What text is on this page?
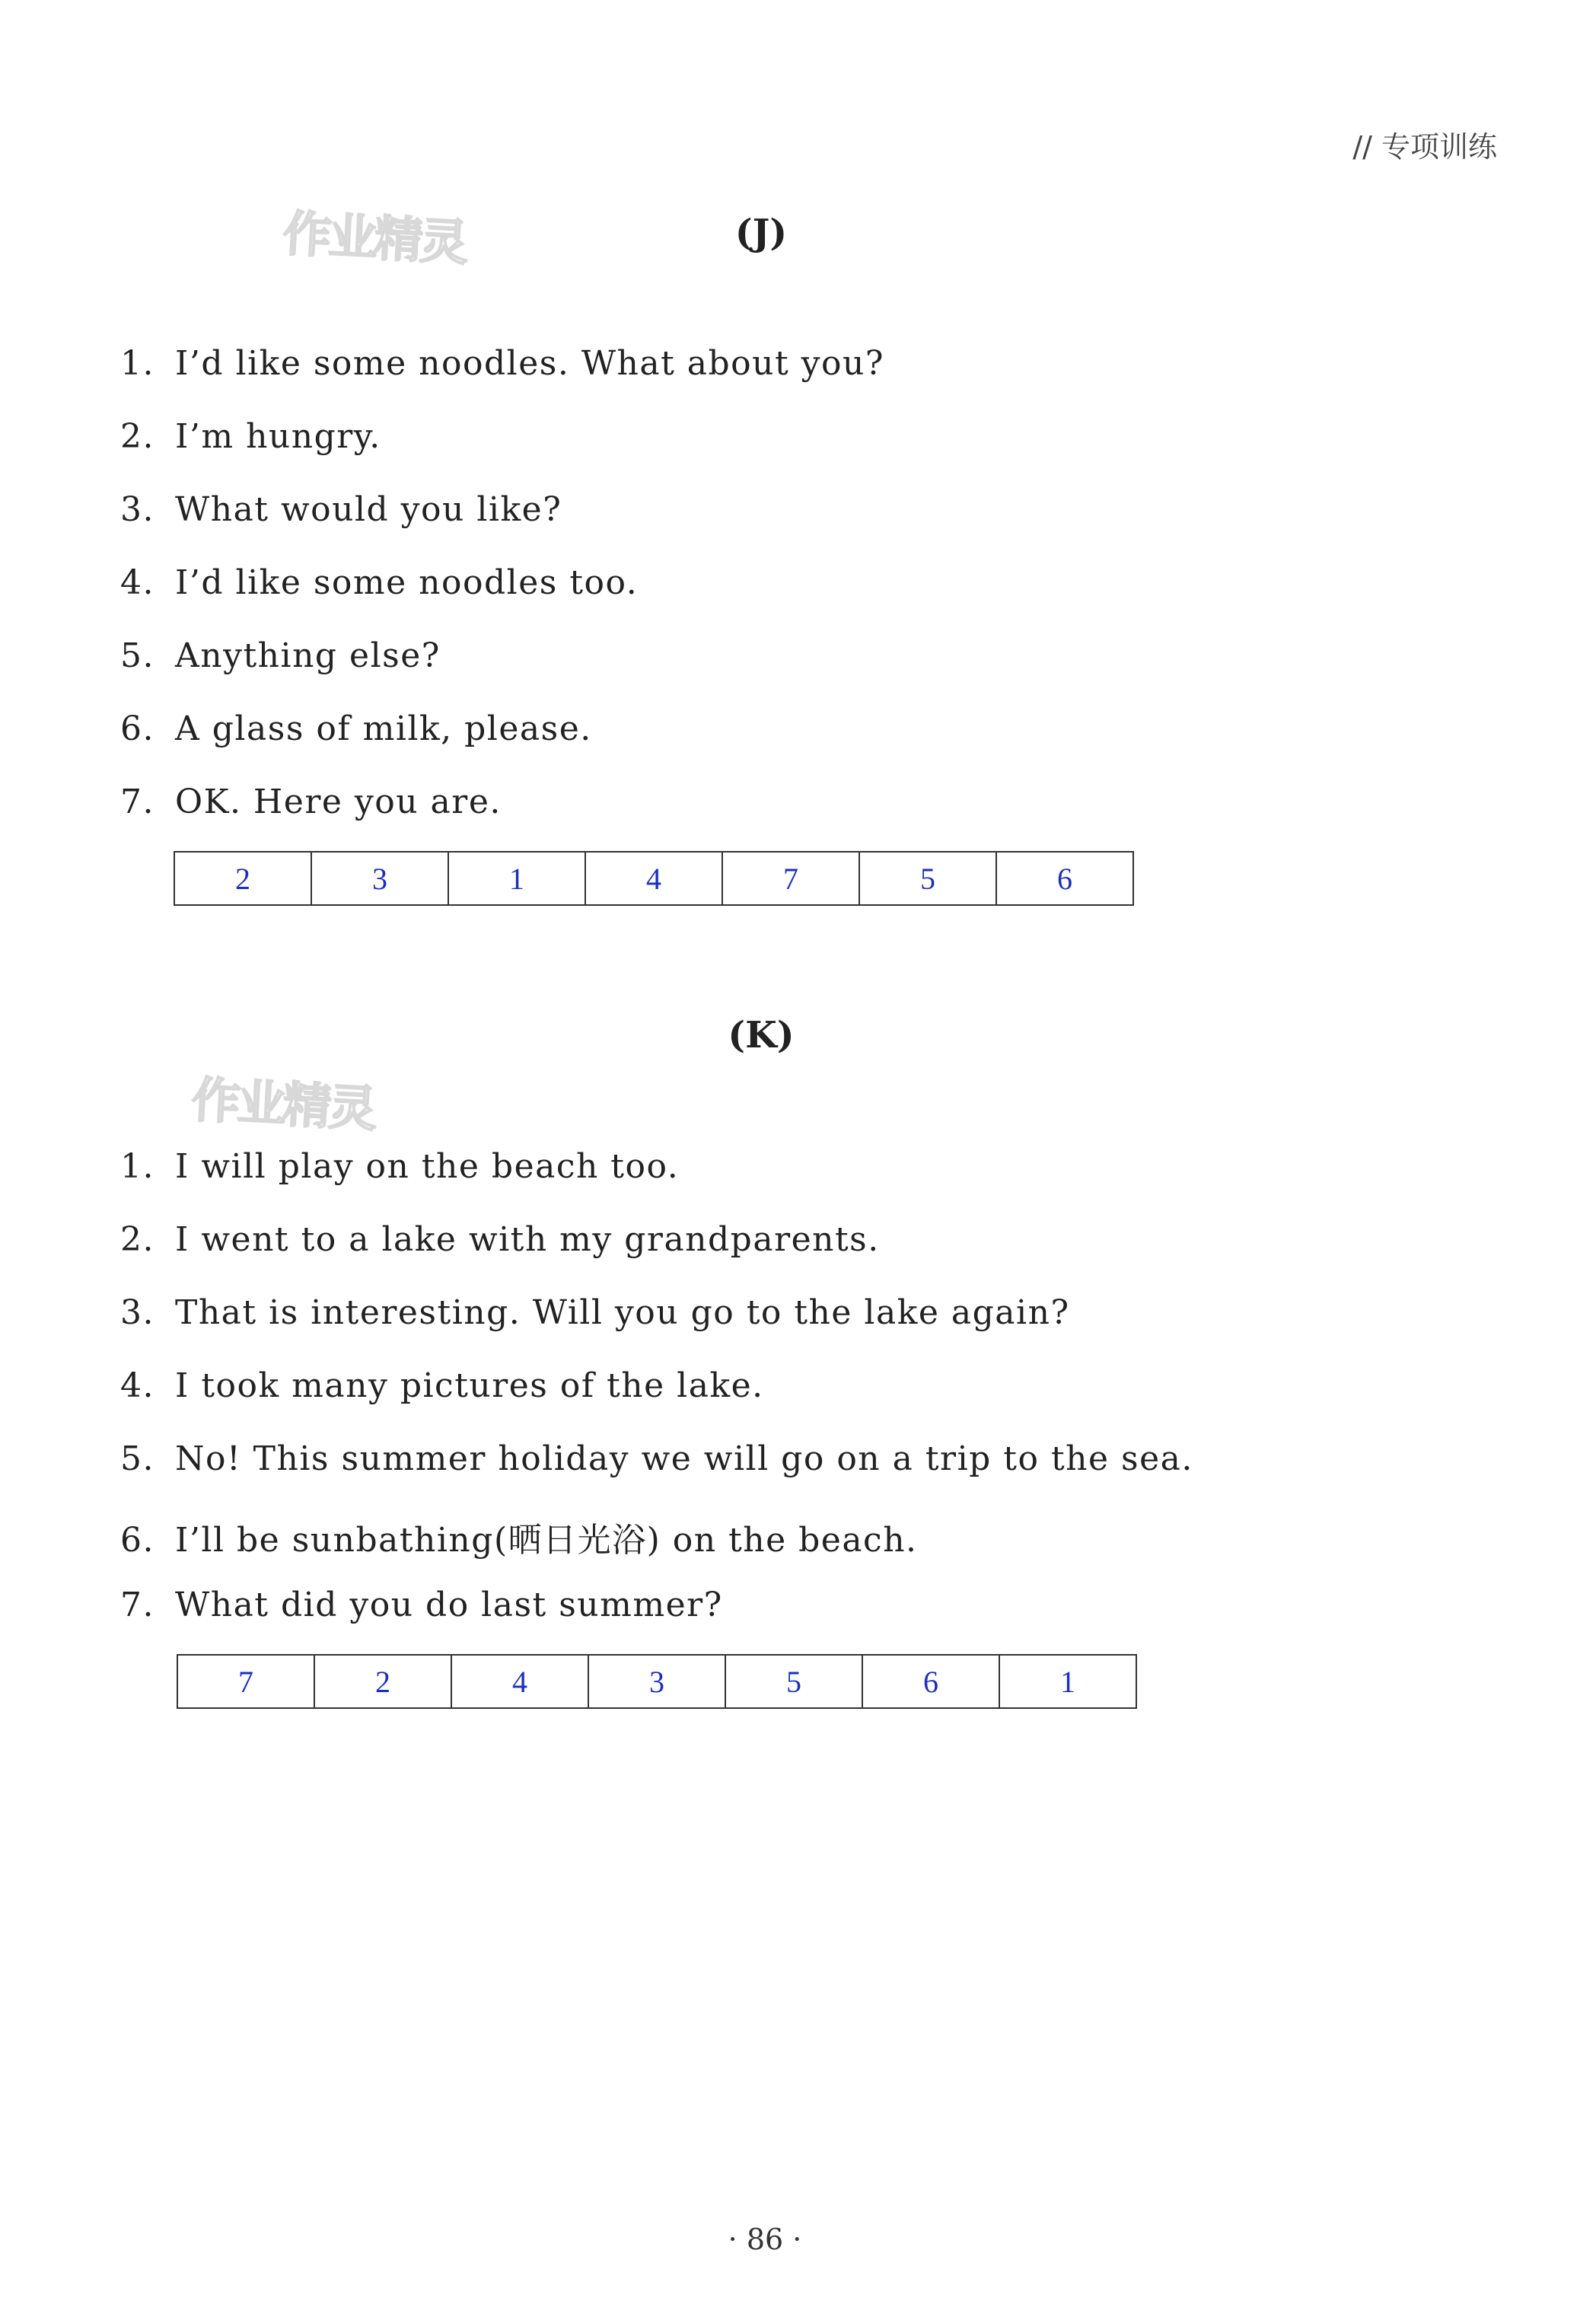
// 专项训练
作业精灵
作业精灵
(J)
1. I’d like some noodles. What about you?
2. I’m hungry.
3. What would you like?
4. I’d like some noodles too.
5. Anything else?
6. A glass of milk, please.
7. OK. Here you are.
2	3	1	4	7	5	6
(K)
1. I will play on the beach too.
2. I went to a lake with my grandparents.
3. That is interesting. Will you go to the lake again?
4. I took many pictures of the lake.
5. No! This summer holiday we will go on a trip to the sea.
6. I’ll be sunbathing(晒日光浴) on the beach.
7. What did you do last summer?
7	2	4	3	5	6	1
· 86 ·
